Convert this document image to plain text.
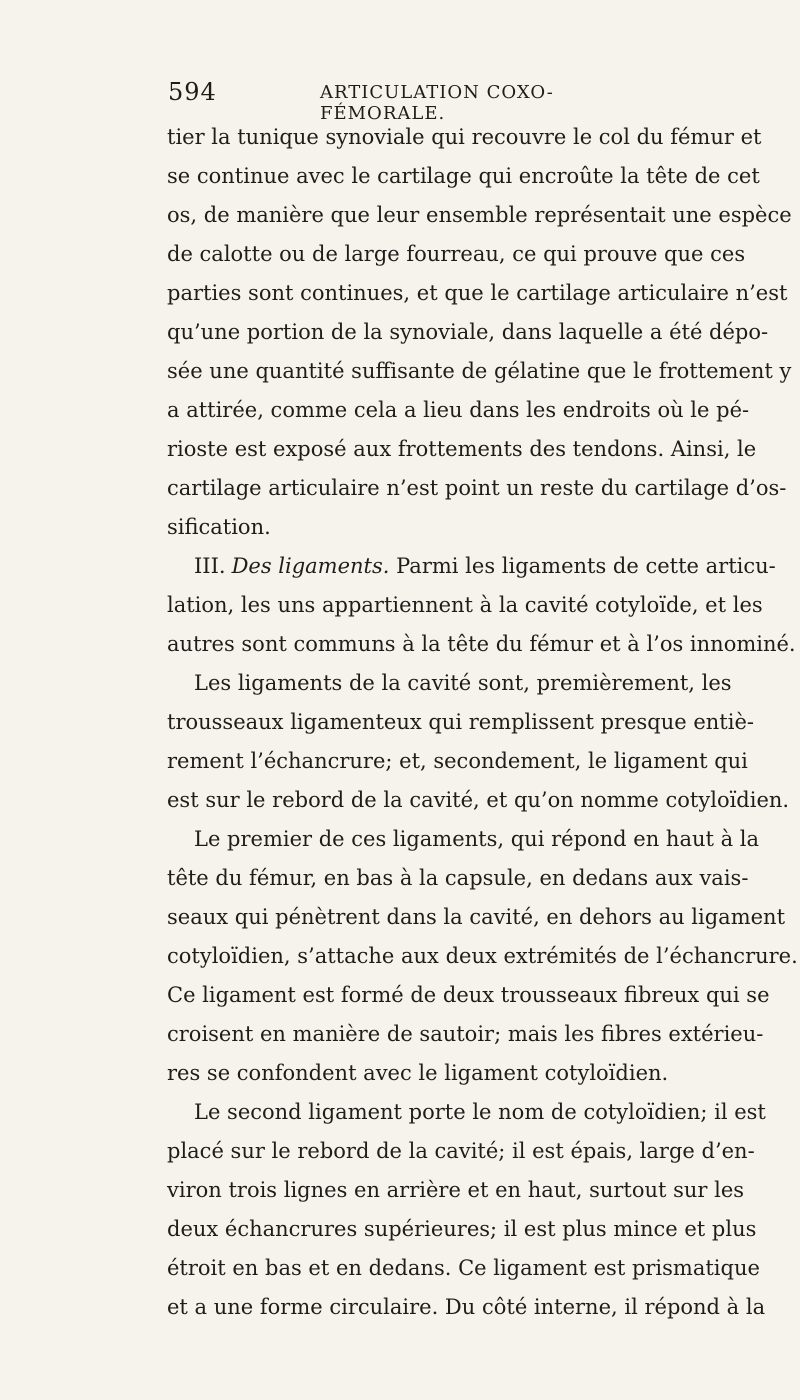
594	ARTICULATION COXO-FÉMORALE.
tier la tunique synoviale qui recouvre le col du fémur et
se continue avec le cartilage qui encroûte la tête de cet
os, de manière que leur ensemble représentait une espèce
de calotte ou de large fourreau, ce qui prouve que ces
parties sont continues, et que le cartilage articulaire n’est
qu’une portion de la synoviale, dans laquelle a été dépo-
sée une quantité suffisante de gélatine que le frottement y
a attirée, comme cela a lieu dans les endroits où le pé-
rioste est exposé aux frottements des tendons. Ainsi, le
cartilage articulaire n’est point un reste du cartilage d’os-
sification.
III. Des ligaments. Parmi les ligaments de cette articu-
lation, les uns appartiennent à la cavité cotyloïde, et les
autres sont communs à la tête du fémur et à l’os innominé.
Les ligaments de la cavité sont, premièrement, les
trousseaux ligamenteux qui remplissent presque entiè-
rement l’échancrure; et, secondement, le ligament qui
est sur le rebord de la cavité, et qu’on nomme cotyloïdien.
Le premier de ces ligaments, qui répond en haut à la
tête du fémur, en bas à la capsule, en dedans aux vais-
seaux qui pénètrent dans la cavité, en dehors au ligament
cotyloïdien, s’attache aux deux extrémités de l’échancrure.
Ce ligament est formé de deux trousseaux fibreux qui se
croisent en manière de sautoir; mais les fibres extérieu-
res se confondent avec le ligament cotyloïdien.
Le second ligament porte le nom de cotyloïdien; il est
placé sur le rebord de la cavité; il est épais, large d’en-
viron trois lignes en arrière et en haut, surtout sur les
deux échancrures supérieures; il est plus mince et plus
étroit en bas et en dedans. Ce ligament est prismatique
et a une forme circulaire. Du côté interne, il répond à la
